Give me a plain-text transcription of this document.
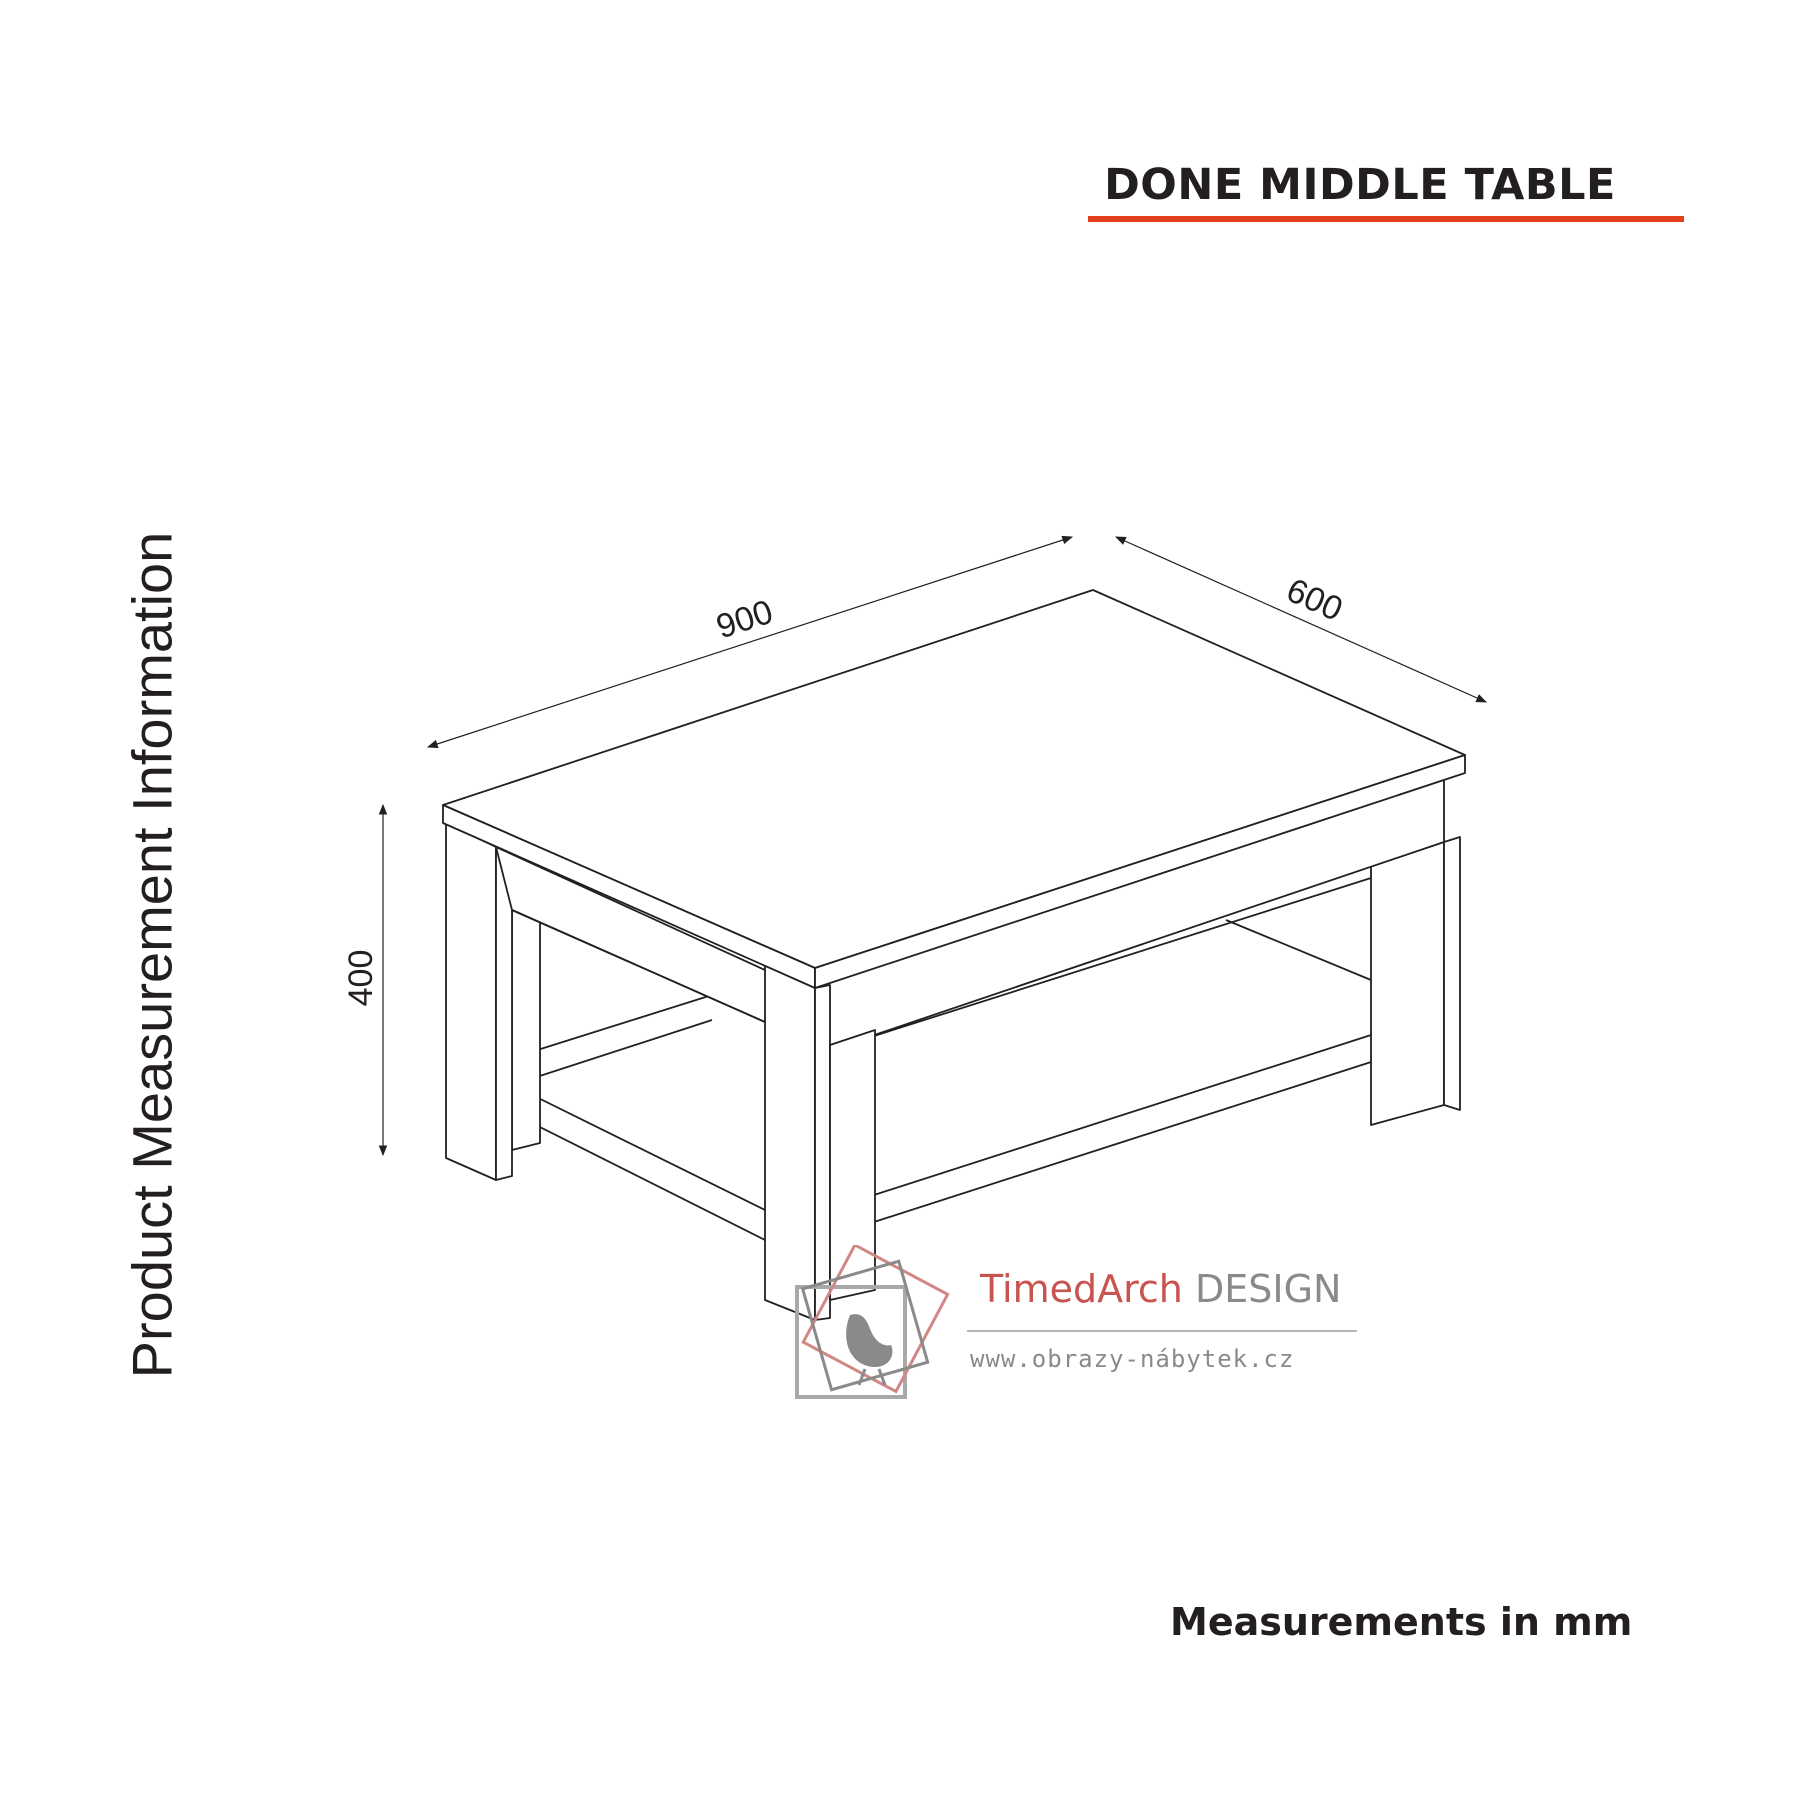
DONE MIDDLE TABLE
Product Measurement Information	900	600
400
TimedArch DESIGN
www.obrazy-nábytek.cz
Measurements in mm
